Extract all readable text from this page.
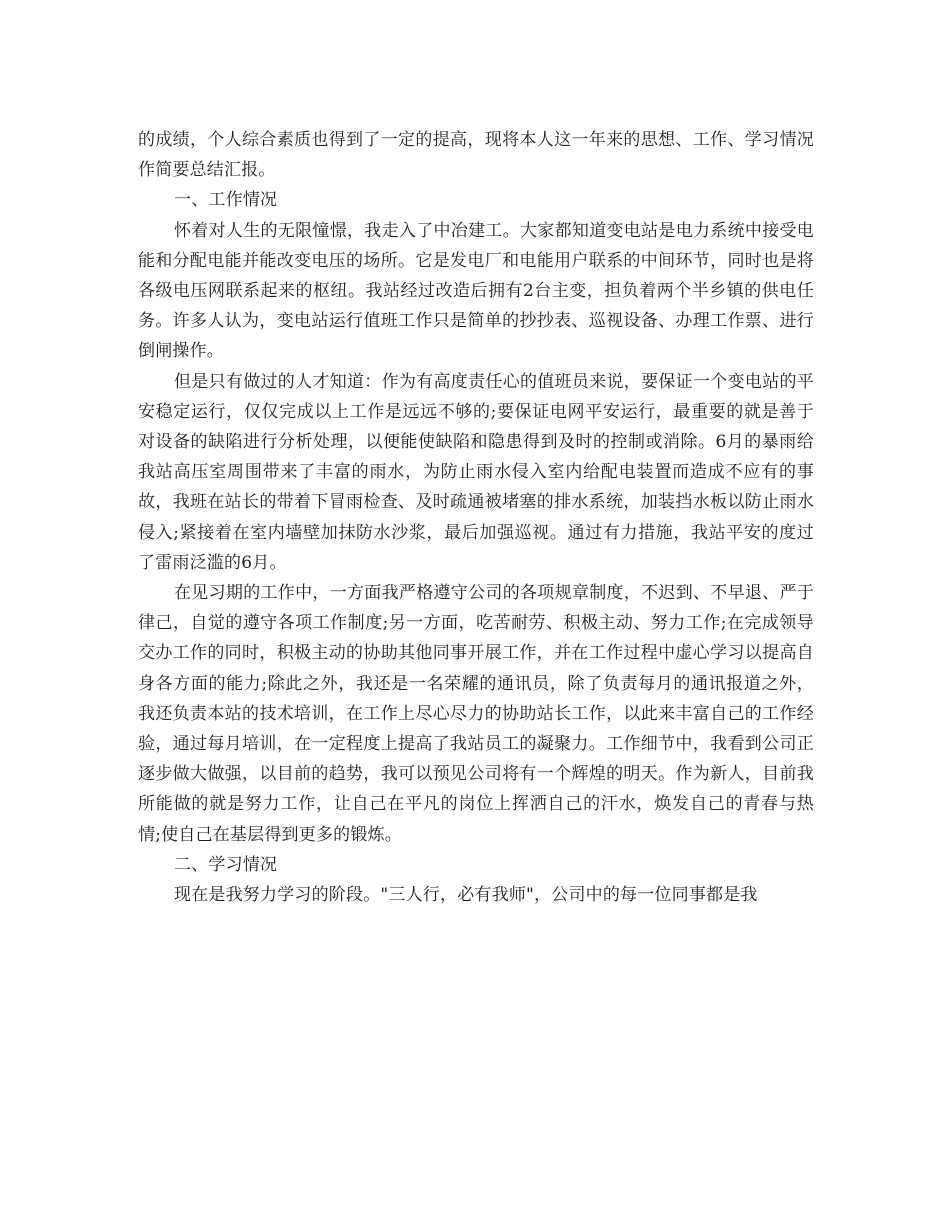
的成绩，个人综合素质也得到了一定的提高，现将本人这一年来的思想、工作、学习情况作简要总结汇报。

一、工作情况

怀着对人生的无限憧憬，我走入了中冶建工。大家都知道变电站是电力系统中接受电能和分配电能并能改变电压的场所。它是发电厂和电能用户联系的中间环节，同时也是将各级电压网联系起来的枢纽。我站经过改造后拥有2台主变，担负着两个半乡镇的供电任务。许多人认为，变电站运行值班工作只是简单的抄抄表、巡视设备、办理工作票、进行倒闸操作。

但是只有做过的人才知道：作为有高度责任心的值班员来说，要保证一个变电站的平安稳定运行，仅仅完成以上工作是远远不够的;要保证电网平安运行，最重要的就是善于对设备的缺陷进行分析处理，以便能使缺陷和隐患得到及时的控制或消除。6月的暴雨给我站高压室周围带来了丰富的雨水，为防止雨水侵入室内给配电装置而造成不应有的事故，我班在站长的带着下冒雨检查、及时疏通被堵塞的排水系统，加装挡水板以防止雨水侵入;紧接着在室内墙壁加抹防水沙浆，最后加强巡视。通过有力措施，我站平安的度过了雷雨泛滥的6月。

在见习期的工作中，一方面我严格遵守公司的各项规章制度，不迟到、不早退、严于律己，自觉的遵守各项工作制度;另一方面，吃苦耐劳、积极主动、努力工作;在完成领导交办工作的同时，积极主动的协助其他同事开展工作，并在工作过程中虚心学习以提高自身各方面的能力;除此之外，我还是一名荣耀的通讯员，除了负责每月的通讯报道之外，我还负责本站的技术培训，在工作上尽心尽力的协助站长工作，以此来丰富自己的工作经验，通过每月培训，在一定程度上提高了我站员工的凝聚力。工作细节中，我看到公司正逐步做大做强，以目前的趋势，我可以预见公司将有一个辉煌的明天。作为新人，目前我所能做的就是努力工作，让自己在平凡的岗位上挥洒自己的汗水，焕发自己的青春与热情;使自己在基层得到更多的锻炼。

二、学习情况

现在是我努力学习的阶段。"三人行，必有我师"，公司中的每一位同事都是我
